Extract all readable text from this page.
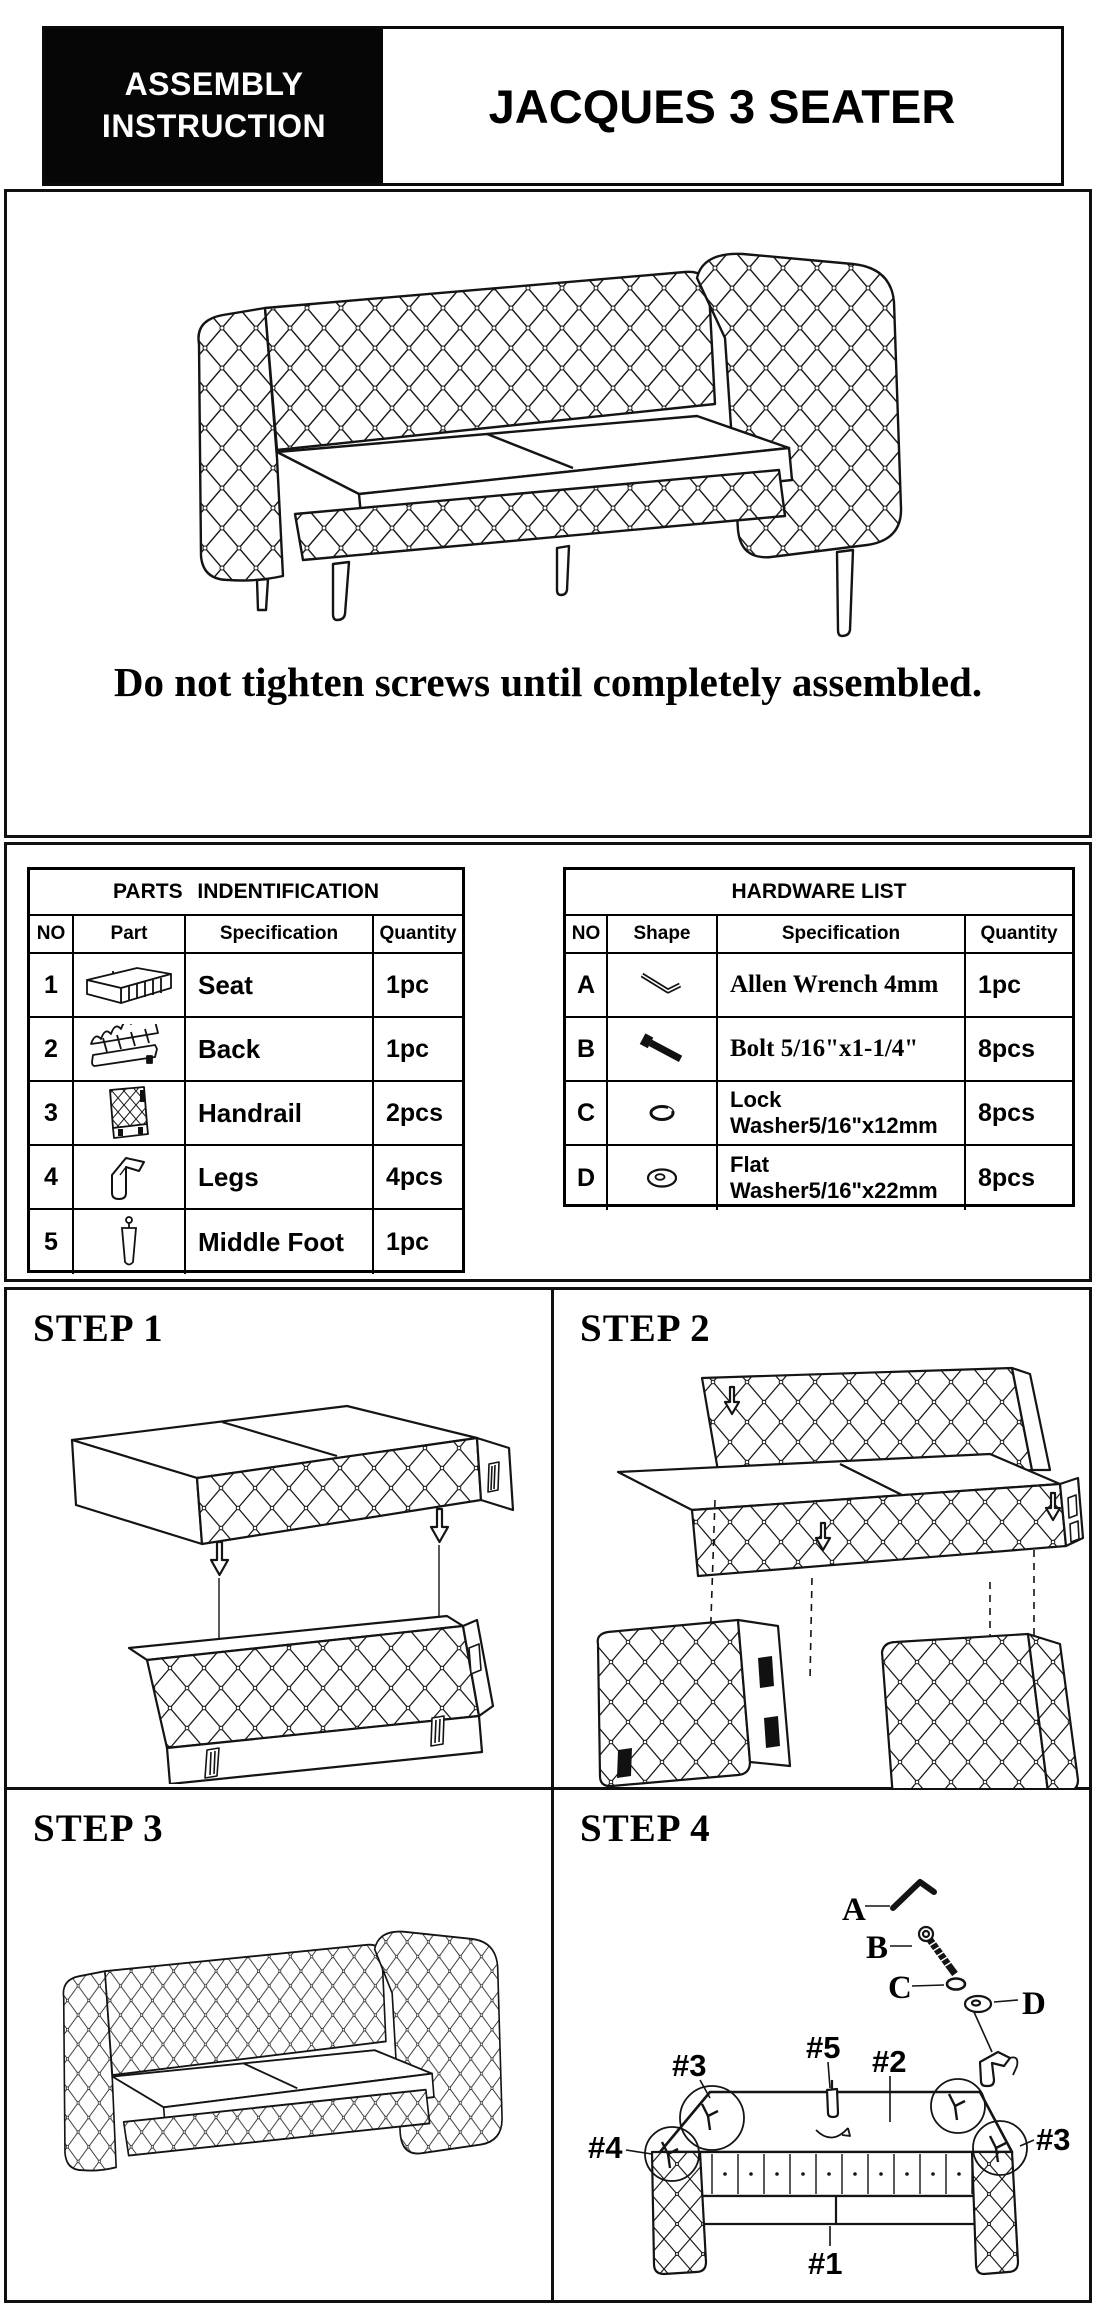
ASSEMBLY
INSTRUCTION	JACQUES 3 SEATER
Do not tighten screws until completely assembled.
PARTS INDENTIFICATION
NO	Part	Specification	Quantity
1	Seat	1pc
2	Back	1pc
3	Handrail	2pcs
4	Legs	4pcs
5	Middle Foot	1pc
HARDWARE LIST
NO	Shape	Specification	Quantity
A	Allen Wrench 4mm	1pc
B	Bolt 5/16"x1-1/4"	8pcs
C	Lock Washer5/16"x12mm	8pcs
D	Flat Washer5/16"x22mm	8pcs
STEP 1	STEP 2
STEP 3	STEP 4
A
B
C	D
#5 #2
#3
#3
#4
#1
